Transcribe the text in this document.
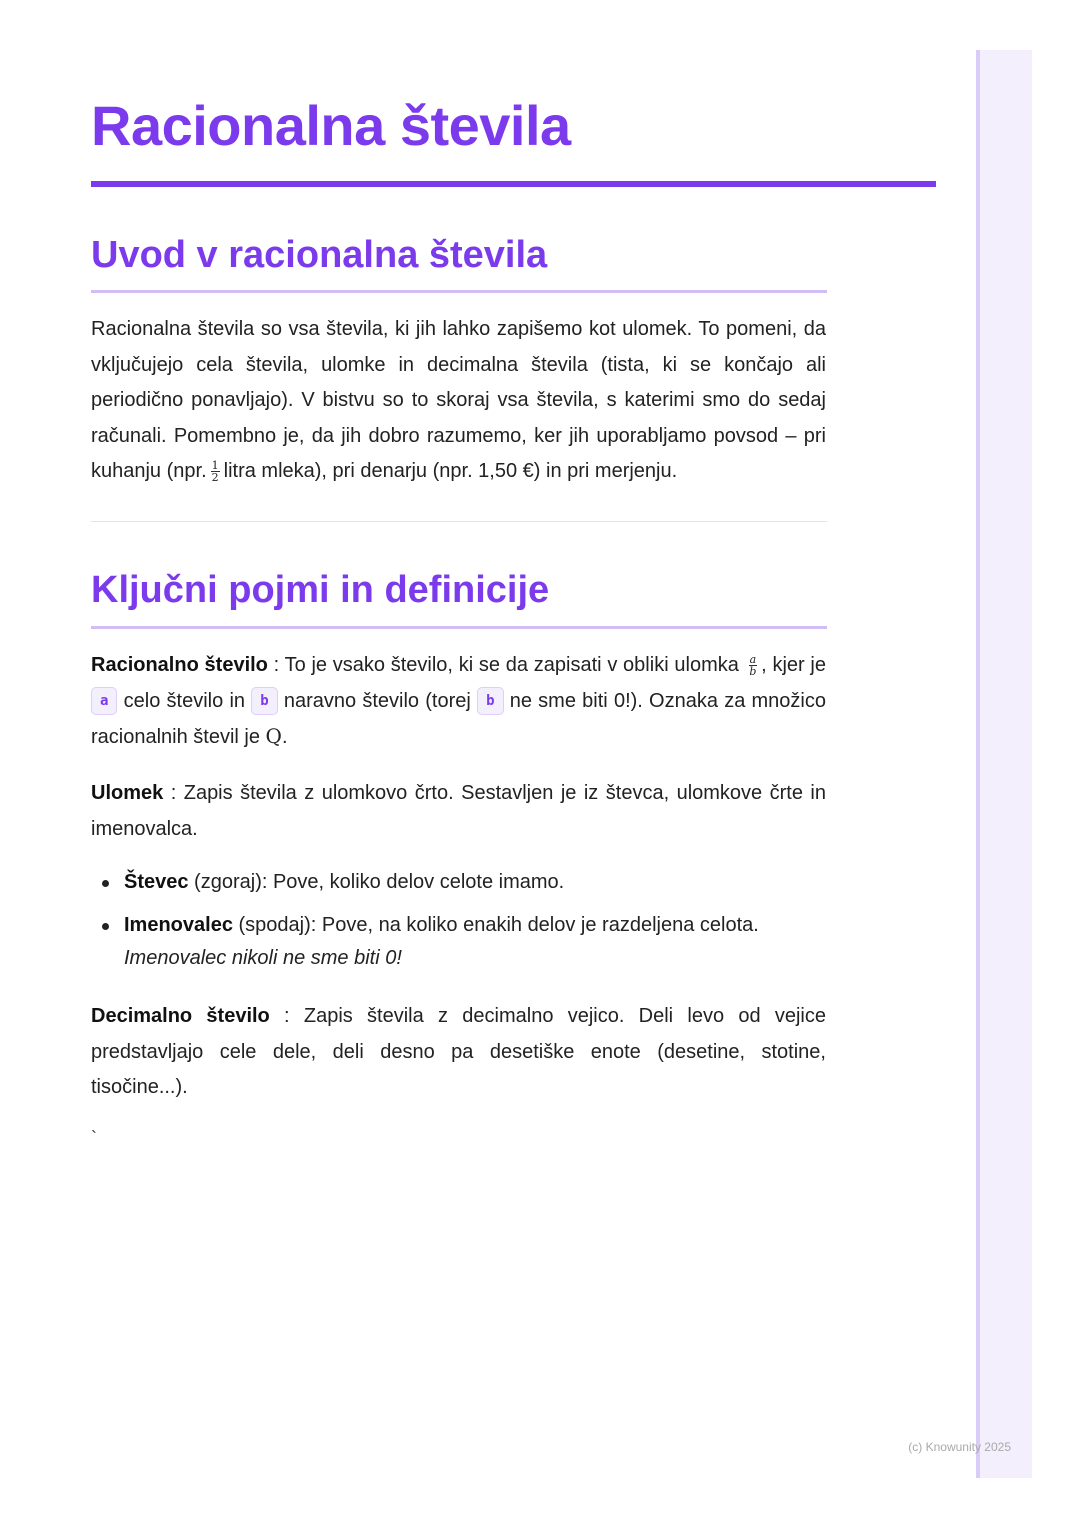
(c) Knowunity 2025
Racionalna števila
Uvod v racionalna števila

Racionalna števila so vsa števila, ki jih lahko zapišemo kot ulomek. To pomeni, da vključujejo cela števila, ulomke in decimalna števila (tista, ki se končajo ali periodično ponavljajo). V bistvu so to skoraj vsa števila, s katerimi smo do sedaj računali. Pomembno je, da jih dobro razumemo, ker jih uporabljamo povsod – pri kuhanju (npr. $\frac{1}{2}$ litra mleka), pri denarju (npr. 1,50 €) in pri merjenju.

Ključni pojmi in definicije

Racionalno število : To je vsako število, ki se da zapisati v obliki ulomka $\frac{a}{b}$ , kjer je a celo število in b naravno število (torej b ne sme biti 0!). Oznaka za množico racionalnih števil je Q.

Ulomek : Zapis števila z ulomkovo črto. Sestavljen je iz števca, ulomkove črte in imenovalca.

Števec (zgoraj): Pove, koliko delov celote imamo.
Imenovalec (spodaj): Pove, na koliko enakih delov je razdeljena celota.
Imenovalec nikoli ne sme biti 0!

Decimalno število : Zapis števila z decimalno vejico. Deli levo od vejice predstavljajo cele dele, deli desno pa desetiške enote (desetine, stotine, tisočine...).

`
